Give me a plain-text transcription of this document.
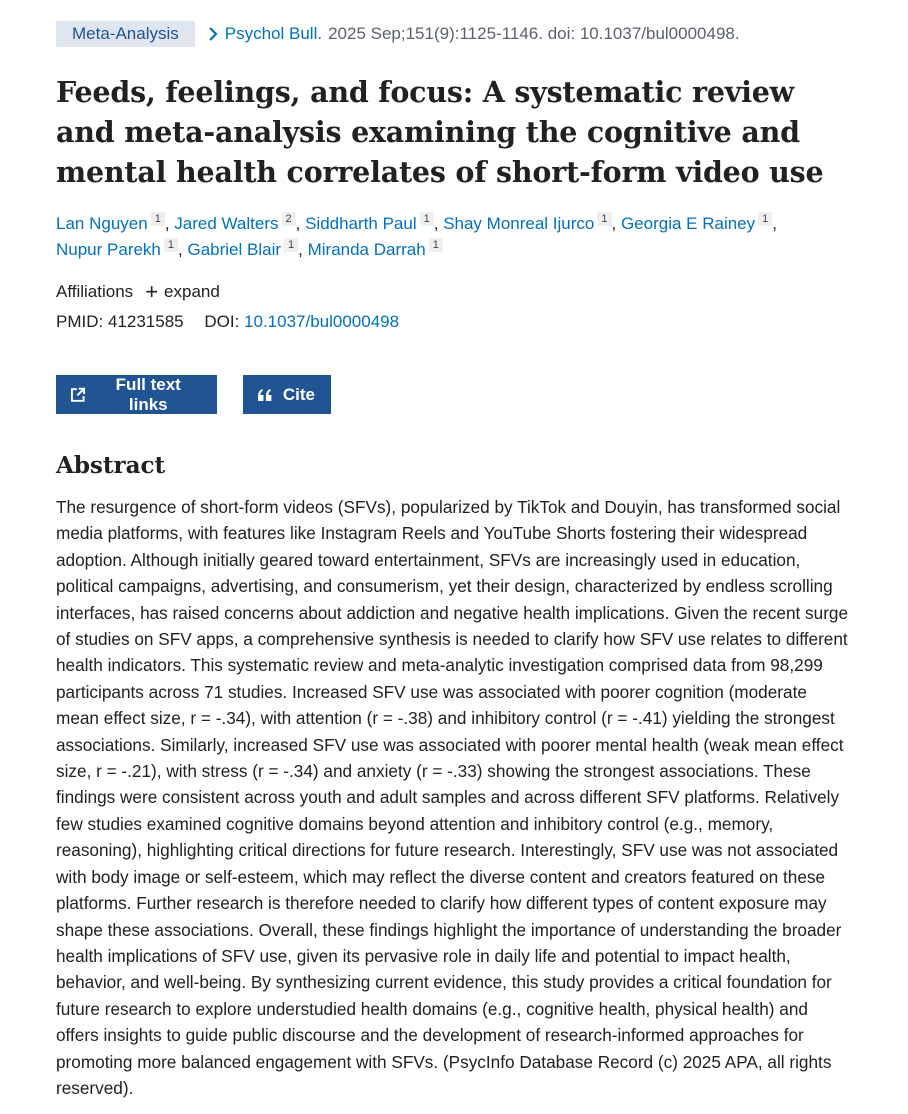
Meta-Analysis	Psychol Bull. 2025 Sep;151(9):1125-1146. doi: 10.1037/bul0000498.
Feeds, feelings, and focus: A systematic review and meta-analysis examining the cognitive and mental health correlates of short-form video use
Lan Nguyen $^1$ , Jared Walters $^2$ , Siddharth Paul $^1$ , Shay Monreal Ijurco $^1$ , Georgia E Rainey $^1$ ,
Nupur Parekh $^1$ , Gabriel Blair $^1$ , Miranda Darrah $^1$
Affiliations + expand
PMID: 41231585 DOI: 10.1037/bul0000498
Full text links
Cite
Abstract

The resurgence of short-form videos (SFVs), popularized by TikTok and Douyin, has transformed social media platforms, with features like Instagram Reels and YouTube Shorts fostering their widespread adoption. Although initially geared toward entertainment, SFVs are increasingly used in education, political campaigns, advertising, and consumerism, yet their design, characterized by endless scrolling interfaces, has raised concerns about addiction and negative health implications. Given the recent surge of studies on SFV apps, a comprehensive synthesis is needed to clarify how SFV use relates to different health indicators. This systematic review and meta-analytic investigation comprised data from 98,299 participants across 71 studies. Increased SFV use was associated with poorer cognition (moderate mean effect size, r = -.34), with attention (r = -.38) and inhibitory control (r = -.41) yielding the strongest associations. Similarly, increased SFV use was associated with poorer mental health (weak mean effect size, r = -.21), with stress (r = -.34) and anxiety (r = -.33) showing the strongest associations. These findings were consistent across youth and adult samples and across different SFV platforms. Relatively few studies examined cognitive domains beyond attention and inhibitory control (e.g., memory, reasoning), highlighting critical directions for future research. Interestingly, SFV use was not associated with body image or self-esteem, which may reflect the diverse content and creators featured on these platforms. Further research is therefore needed to clarify how different types of content exposure may shape these associations. Overall, these findings highlight the importance of understanding the broader health implications of SFV use, given its pervasive role in daily life and potential to impact health, behavior, and well-being. By synthesizing current evidence, this study provides a critical foundation for future research to explore understudied health domains (e.g., cognitive health, physical health) and offers insights to guide public discourse and the development of research-informed approaches for promoting more balanced engagement with SFVs. (PsycInfo Database Record (c) 2025 APA, all rights reserved).
